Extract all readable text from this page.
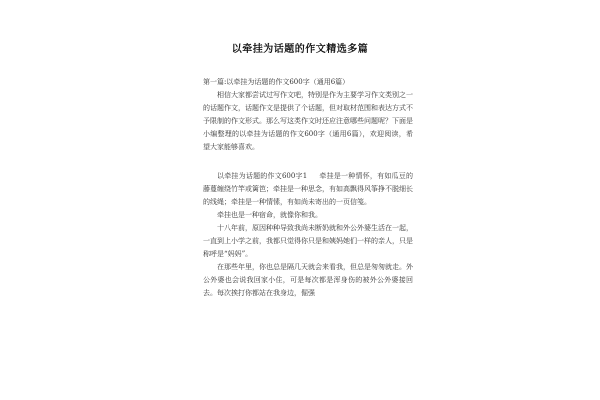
以牵挂为话题的作文精选多篇

第一篇:以牵挂为话题的作文600字（通用6篇）

相信大家都尝试过写作文吧，特别是作为主要学习作文类别之一的话题作文，话题作文是提供了个话题，但对取材范围和表达方式不予限制的作文形式。那么写这类作文时还应注意哪些问题呢？下面是小编整理的以牵挂为话题的作文600字（通用6篇），欢迎阅读，希望大家能够喜欢。

以牵挂为话题的作文600字1 牵挂是一种情怀，有如瓜豆的藤蔓缠绕竹竿或篱笆；牵挂是一种思念，有如高飘得风筝挣不脱细长的线绳；牵挂是一种情愫，有如尚未寄出的一页信笺。

牵挂也是一种宿命，就像你和我。

十八年前，原因种种导致我尚未断奶就和外公外婆生活在一起，一直到上小学之前，我都只觉得你只是和姨妈她们一样的亲人，只是称呼是“妈妈”。

在那些年里，你也总是隔几天就会来看我，但总是匆匆就走。外公外婆也会说我回家小住，可是每次都是浑身伤的被外公外婆接回去。每次挨打你都站在我身边，倔强
